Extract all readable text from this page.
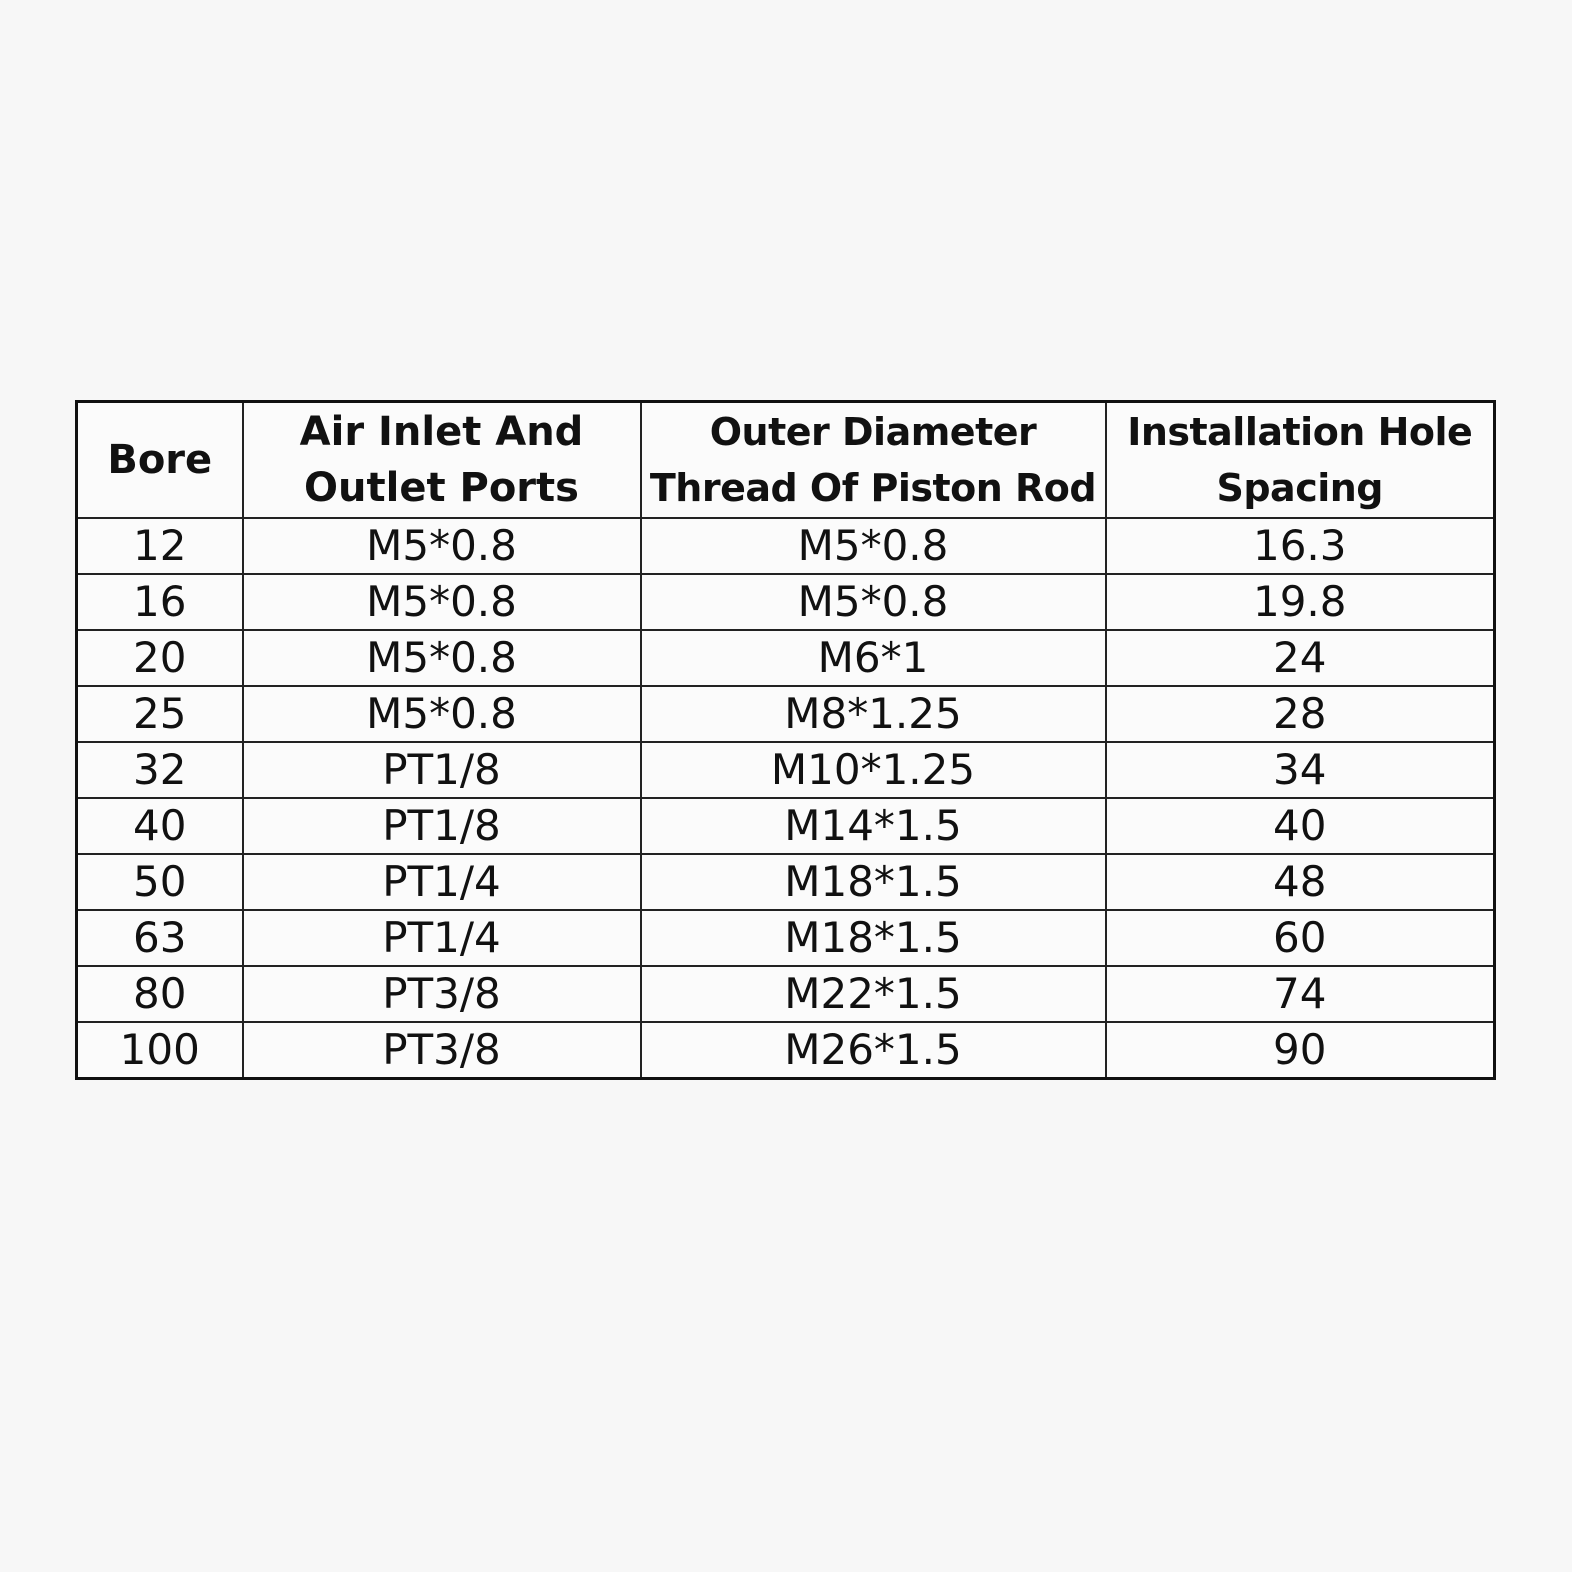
Bore	Air Inlet And Outlet Ports	Outer Diameter Thread Of Piston Rod	Installation Hole Spacing
12	M5*0.8	M5*0.8	16.3
16	M5*0.8	M5*0.8	19.8
20	M5*0.8	M6*1	24
25	M5*0.8	M8*1.25	28
32	PT1/8	M10*1.25	34
40	PT1/8	M14*1.5	40
50	PT1/4	M18*1.5	48
63	PT1/4	M18*1.5	60
80	PT3/8	M22*1.5	74
100	PT3/8	M26*1.5	90
